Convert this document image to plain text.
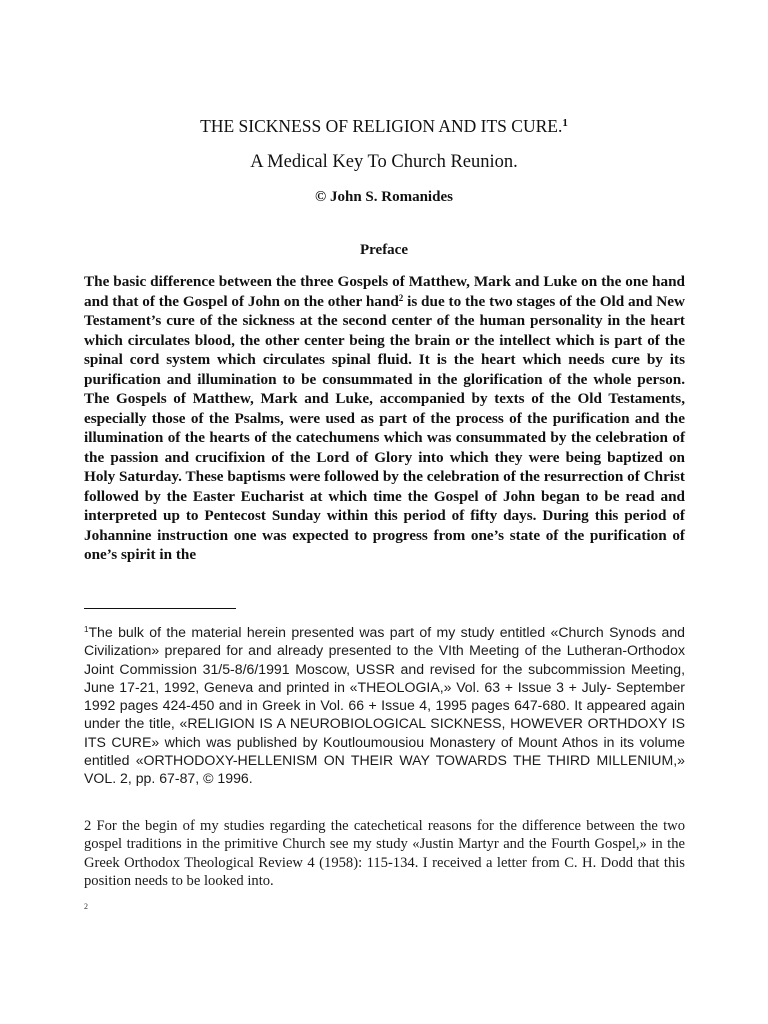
THE SICKNESS OF RELIGION AND ITS CURE.$^1$
A Medical Key To Church Reunion.
© John S. Romanides
Preface
The basic difference between the three Gospels of Matthew, Mark and Luke on the one hand and that of the Gospel of John on the other hand$^2$ is due to the two stages of the Old and New Testament’s cure of the sickness at the second center of the human personality in the heart which circulates blood, the other center being the brain or the intellect which is part of the spinal cord system which circulates spinal fluid. It is the heart which needs cure by its purification and illumination to be consummated in the glorification of the whole person. The Gospels of Matthew, Mark and Luke, accompanied by texts of the Old Testaments, especially those of the Psalms, were used as part of the process of the purification and the illumination of the hearts of the catechumens which was consummated by the celebration of the passion and crucifixion of the Lord of Glory into which they were being baptized on Holy Saturday. These baptisms were followed by the celebration of the resurrection of Christ followed by the Easter Eucharist at which time the Gospel of John began to be read and interpreted up to Pentecost Sunday within this period of fifty days. During this period of Johannine instruction one was expected to progress from one’s state of the purification of one’s spirit in the
$^1$The bulk of the material herein presented was part of my study entitled «Church Synods and Civilization» prepared for and already presented to the VIth Meeting of the Lutheran-Orthodox Joint Commission 31/5-8/6/1991 Moscow, USSR and revised for the subcommission Meeting, June 17-21, 1992, Geneva and printed in «THEOLOGIA,» Vol. 63 + Issue 3 + July- September 1992 pages 424-450 and in Greek in Vol. 66 + Issue 4, 1995 pages 647-680. It appeared again under the title, «RELIGION IS A NEUROBIOLOGICAL SICKNESS, HOWEVER ORTHDOXY IS ITS CURE» which was published by Koutloumousiou Monastery of Mount Athos in its volume entitled «ORTHODOXY-HELLENISM ON THEIR WAY TOWARDS THE THIRD MILLENIUM,» VOL. 2, pp. 67-87, © 1996.
2 For the begin of my studies regarding the catechetical reasons for the difference between the two gospel traditions in the primitive Church see my study «Justin Martyr and the Fourth Gospel,» in the Greek Orthodox Theological Review 4 (1958): 115-134. I received a letter from C. H. Dodd that this position needs to be looked into.
2
